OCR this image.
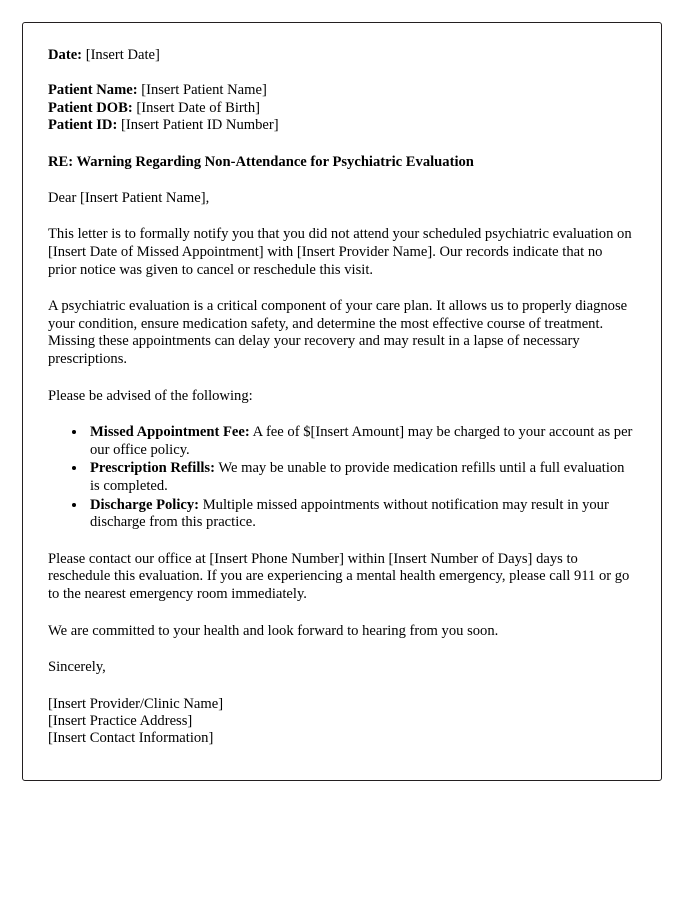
Date: [Insert Date]
Patient Name: [Insert Patient Name]
Patient DOB: [Insert Date of Birth]
Patient ID: [Insert Patient ID Number]
RE: Warning Regarding Non-Attendance for Psychiatric Evaluation
Dear [Insert Patient Name],

This letter is to formally notify you that you did not attend your scheduled psychiatric evaluation on [Insert Date of Missed Appointment] with [Insert Provider Name]. Our records indicate that no prior notice was given to cancel or reschedule this visit.

A psychiatric evaluation is a critical component of your care plan. It allows us to properly diagnose your condition, ensure medication safety, and determine the most effective course of treatment. Missing these appointments can delay your recovery and may result in a lapse of necessary prescriptions.

Please be advised of the following:

• Missed Appointment Fee: A fee of $[Insert Amount] may be charged to your account as per our office policy.
• Prescription Refills: We may be unable to provide medication refills until a full evaluation is completed.
• Discharge Policy: Multiple missed appointments without notification may result in your discharge from this practice.

Please contact our office at [Insert Phone Number] within [Insert Number of Days] days to reschedule this evaluation. If you are experiencing a mental health emergency, please call 911 or go to the nearest emergency room immediately.

We are committed to your health and look forward to hearing from you soon.

Sincerely,
[Insert Provider/Clinic Name]
[Insert Practice Address]
[Insert Contact Information]
